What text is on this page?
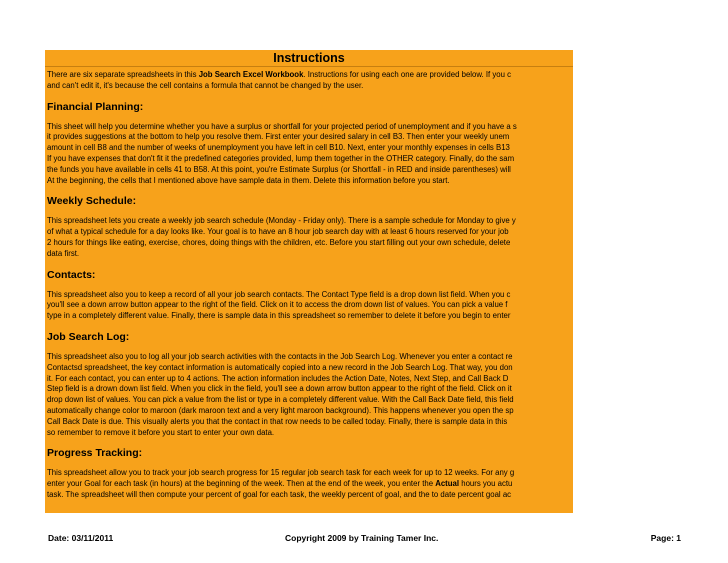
Instructions
There are six separate spreadsheets in this Job Search Excel Workbook. Instructions for using each one are provided below. If you c
and can't edit it, it's because the cell contains a formula that cannot be changed by the user.
Financial Planning:
This sheet will help you determine whether you have a surplus or shortfall for your projected period of unemployment and if you have a s
it provides suggestions at the bottom to help you resolve them. First enter your desired salary in cell B3. Then enter your weekly unem
amount in cell B8 and the number of weeks of unemployment you have left in cell B10. Next, enter your monthly expenses in cells B13
If you have expenses that don't fit it the predefined categories provided, lump them together in the OTHER category. Finally, do the sam
the funds you have available in cells 41 to B58. At this point, you're Estimate Surplus (or Shortfall - in RED and inside parentheses) will
At the beginning, the cells that I mentioned above have sample data in them. Delete this information before you start.
Weekly Schedule:
This spreadsheet lets you create a weekly job search schedule (Monday - Friday only). There is a sample schedule for Monday to give y
of what a typical schedule for a day looks like. Your goal is to have an 8 hour job search day with at least 6 hours reserved for your job
2 hours for things like eating, exercise, chores, doing things with the children, etc. Before you start filling out your own schedule, delete
data first.
Contacts:
This spreadsheet also you to keep a record of all your job search contacts. The Contact Type field is a drop down list field. When you c
you'll see a down arrow button appear to the right of the field. Click on it to access the drom down list of values. You can pick a value f
type in a completely different value. Finally, there is sample data in this spreadsheet so remember to delete it before you begin to enter
Job Search Log:
This spreadsheet also you to log all your job search activities with the contacts in the Job Search Log. Whenever you enter a contact re
Contactsd spreadsheet, the key contact information is automatically copied into a new record in the Job Search Log. That way, you don
it. For each contact, you can enter up to 4 actions. The action information includes the Action Date, Notes, Next Step, and Call Back D
Step field is a drown down list field. When you click in the field, you'll see a down arrow button appear to the right of the field. Click on it
drop down list of values. You can pick a value from the list or type in a completely different value. With the Call Back Date field, this field
automatically change color to maroon (dark maroon text and a very light maroon background). This happens whenever you open the sp
Call Back Date is due. This visually alerts you that the contact in that row needs to be called today. Finally, there is sample data in this
so remember to remove it before you start to enter your own data.
Progress Tracking:
This spreadsheet allow you to track your job search progress for 15 regular job search task for each week for up to 12 weeks. For any g
enter your Goal for each task (in hours) at the beginning of the week. Then at the end of the week, you enter the Actual hours you actu
task. The spreadsheet will then compute your percent of goal for each task, the weekly percent of goal, and the to date percent goal ac
Date: 03/11/2011	Copyright 2009 by Training Tamer Inc.	Page: 1
